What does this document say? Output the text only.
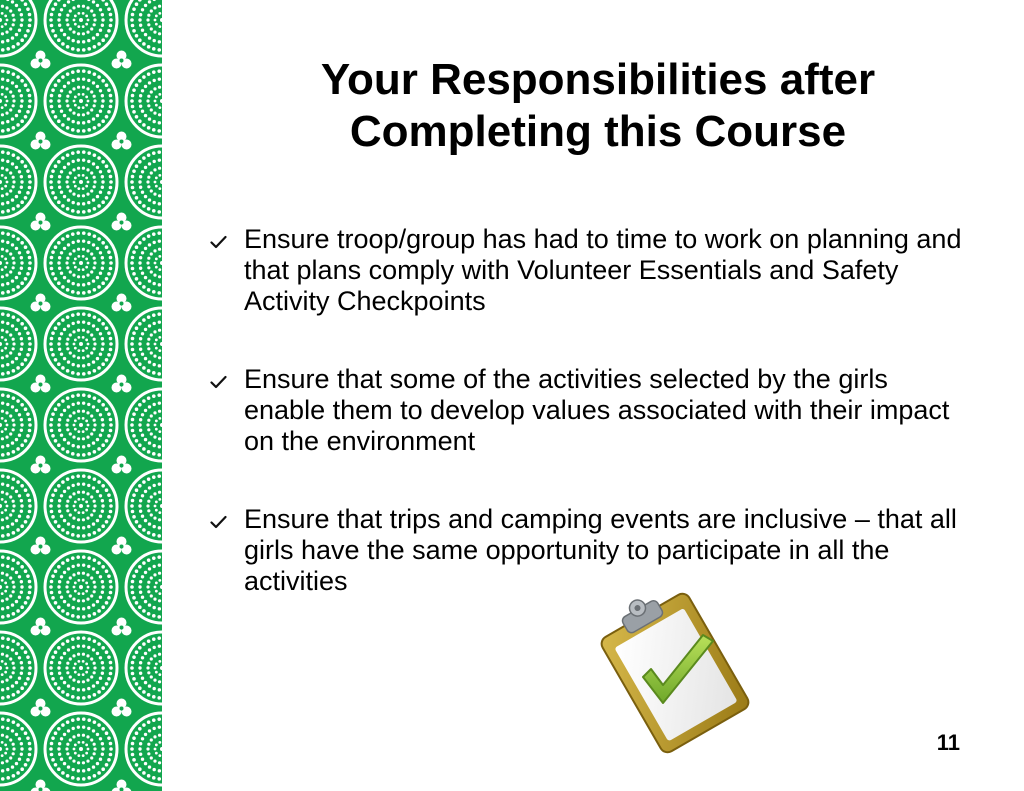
Your Responsibilities after Completing this Course
Ensure troop/group has had to time to work on planning and that plans comply with Volunteer Essentials and Safety Activity Checkpoints
Ensure that some of the activities selected by the girls enable them to develop values associated with their impact on the environment
Ensure that trips and camping events are inclusive – that all girls have the same opportunity to participate in all the activities
11
